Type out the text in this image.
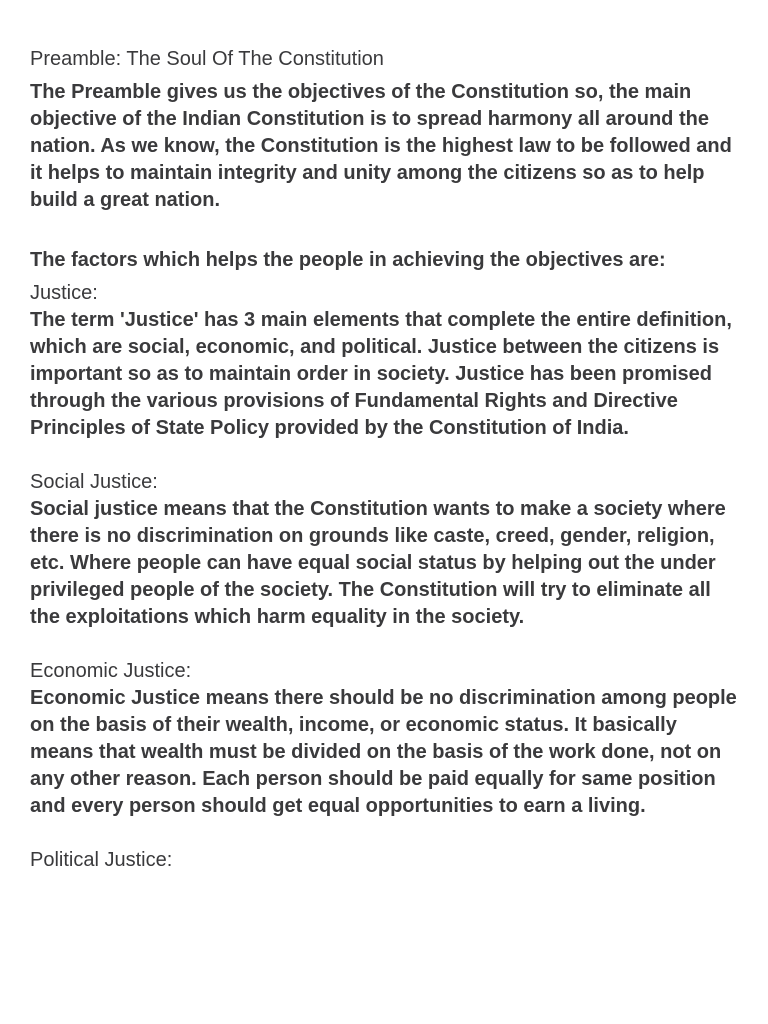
Preamble: The Soul Of The Constitution

The Preamble gives us the objectives of the Constitution so, the main objective of the Indian Constitution is to spread harmony all around the nation. As we know, the Constitution is the highest law to be followed and it helps to maintain integrity and unity among the citizens so as to help build a great nation.

The factors which helps the people in achieving the objectives are:

Justice:

The term 'Justice' has 3 main elements that complete the entire definition, which are social, economic, and political. Justice between the citizens is important so as to maintain order in society. Justice has been promised through the various provisions of Fundamental Rights and Directive Principles of State Policy provided by the Constitution of India.

Social Justice:

Social justice means that the Constitution wants to make a society where there is no discrimination on grounds like caste, creed, gender, religion, etc. Where people can have equal social status by helping out the under privileged people of the society. The Constitution will try to eliminate all the exploitations which harm equality in the society.

Economic Justice:

Economic Justice means there should be no discrimination among people on the basis of their wealth, income, or economic status. It basically means that wealth must be divided on the basis of the work done, not on any other reason. Each person should be paid equally for same position and every person should get equal opportunities to earn a living.

Political Justice:
